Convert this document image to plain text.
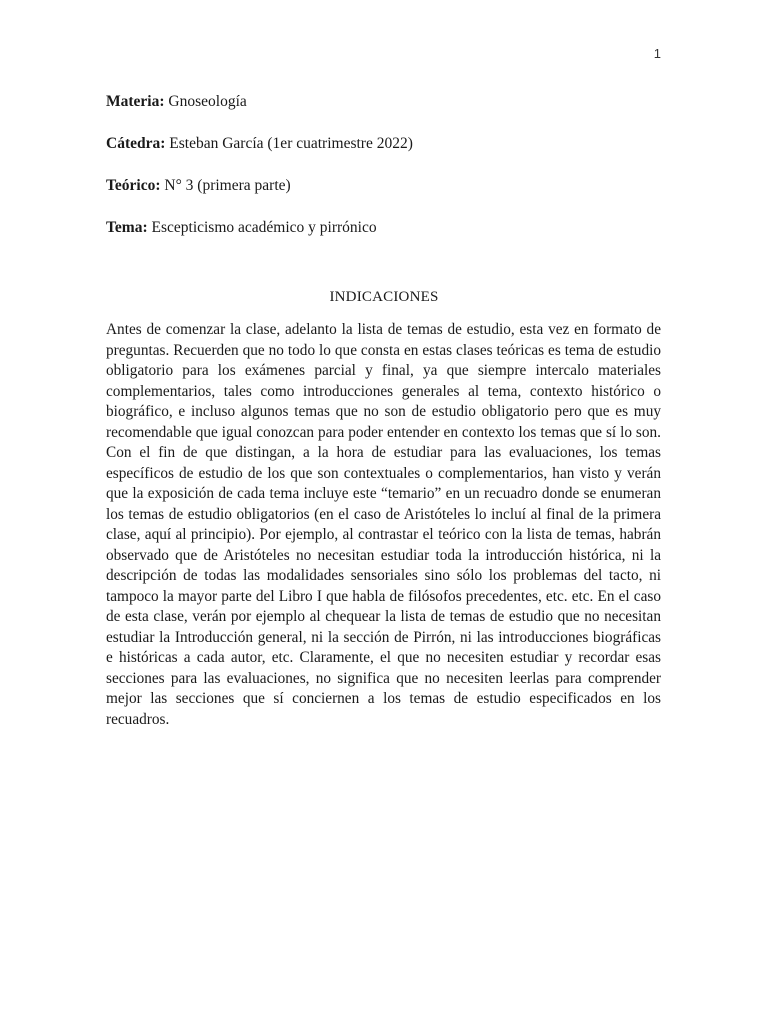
1
Materia: Gnoseología
Cátedra: Esteban García (1er cuatrimestre 2022)
Teórico: N° 3 (primera parte)
Tema: Escepticismo académico y pirrónico
INDICACIONES

Antes de comenzar la clase, adelanto la lista de temas de estudio, esta vez en formato de preguntas. Recuerden que no todo lo que consta en estas clases teóricas es tema de estudio obligatorio para los exámenes parcial y final, ya que siempre intercalo materiales complementarios, tales como introducciones generales al tema, contexto histórico o biográfico, e incluso algunos temas que no son de estudio obligatorio pero que es muy recomendable que igual conozcan para poder entender en contexto los temas que sí lo son. Con el fin de que distingan, a la hora de estudiar para las evaluaciones, los temas específicos de estudio de los que son contextuales o complementarios, han visto y verán que la exposición de cada tema incluye este “temario” en un recuadro donde se enumeran los temas de estudio obligatorios (en el caso de Aristóteles lo incluí al final de la primera clase, aquí al principio). Por ejemplo, al contrastar el teórico con la lista de temas, habrán observado que de Aristóteles no necesitan estudiar toda la introducción histórica, ni la descripción de todas las modalidades sensoriales sino sólo los problemas del tacto, ni tampoco la mayor parte del Libro I que habla de filósofos precedentes, etc. etc. En el caso de esta clase, verán por ejemplo al chequear la lista de temas de estudio que no necesitan estudiar la Introducción general, ni la sección de Pirrón, ni las introducciones biográficas e históricas a cada autor, etc. Claramente, el que no necesiten estudiar y recordar esas secciones para las evaluaciones, no significa que no necesiten leerlas para comprender mejor las secciones que sí conciernen a los temas de estudio especificados en los recuadros.
